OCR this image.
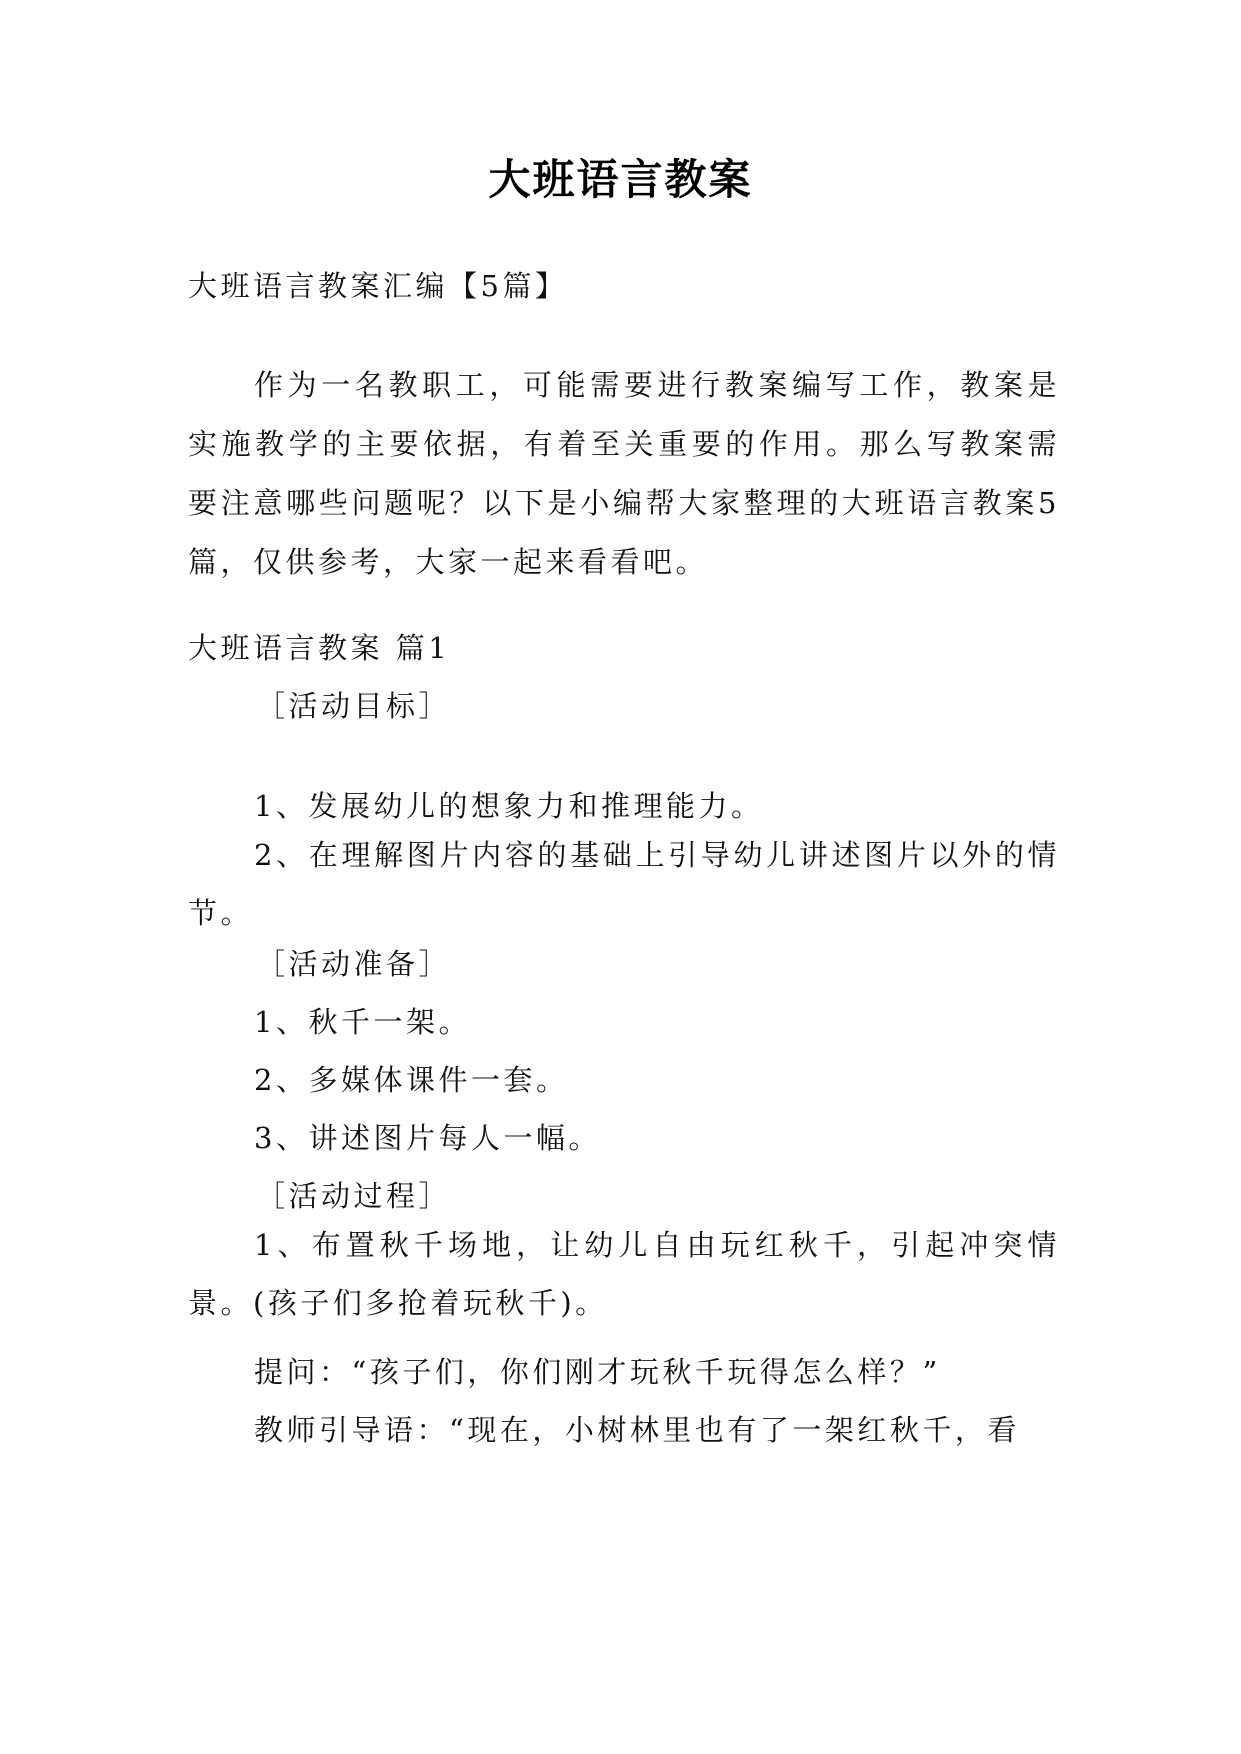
大班语言教案
大班语言教案汇编【5篇】
作为一名教职工，可能需要进行教案编写工作，教案是实施教学的主要依据，有着至关重要的作用。那么写教案需要注意哪些问题呢？以下是小编帮大家整理的大班语言教案5篇，仅供参考，大家一起来看看吧。
大班语言教案 篇1
［活动目标］
1、发展幼儿的想象力和推理能力。
2、在理解图片内容的基础上引导幼儿讲述图片以外的情节。
［活动准备］
1、秋千一架。
2、多媒体课件一套。
3、讲述图片每人一幅。
［活动过程］
1、布置秋千场地，让幼儿自由玩红秋千，引起冲突情景。(孩子们多抢着玩秋千)。
提问：“孩子们，你们刚才玩秋千玩得怎么样？”
教师引导语：“现在，小树林里也有了一架红秋千，看
